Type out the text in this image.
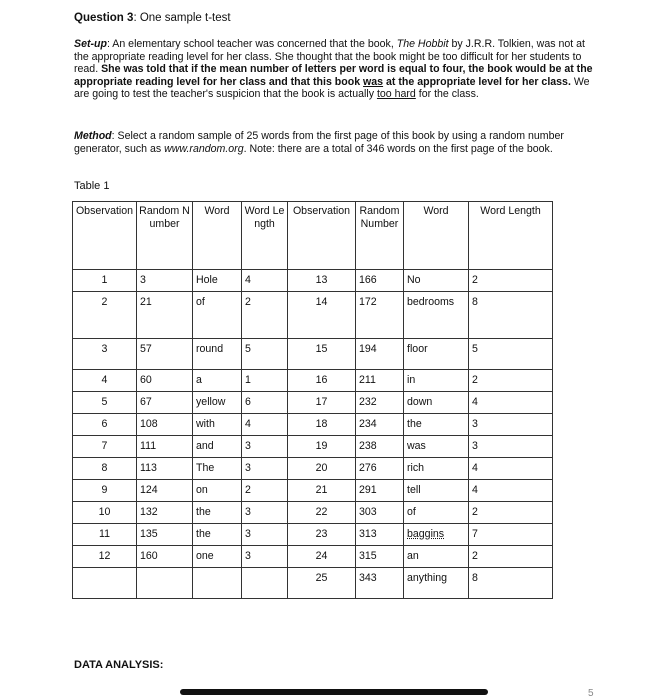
Question 3: One sample t-test
Set-up: An elementary school teacher was concerned that the book, The Hobbit by J.R.R. Tolkien, was not at the appropriate reading level for her class. She thought that the book might be too difficult for her students to read. She was told that if the mean number of letters per word is equal to four, the book would be at the appropriate reading level for her class and that this book was at the appropriate level for her class. We are going to test the teacher's suspicion that the book is actually too hard for the class.
Method: Select a random sample of 25 words from the first page of this book by using a random number generator, such as www.random.org. Note: there are a total of 346 words on the first page of the book.
Table 1
Observation	Random Number	Word	Word Length	Observation	Random Number	Word	Word Length
1	3	Hole	4	13	166	No	2
2	21	of	2	14	172	bedrooms	8
3	57	round	5	15	194	floor	5
4	60	a	1	16	211	in	2
5	67	yellow	6	17	232	down	4
6	108	with	4	18	234	the	3
7	111	and	3	19	238	was	3
8	113	The	3	20	276	rich	4
9	124	on	2	21	291	tell	4
10	132	the	3	22	303	of	2
11	135	the	3	23	313	baggins	7
12	160	one	3	24	315	an	2
				25	343	anything	8
DATA ANALYSIS:
5
